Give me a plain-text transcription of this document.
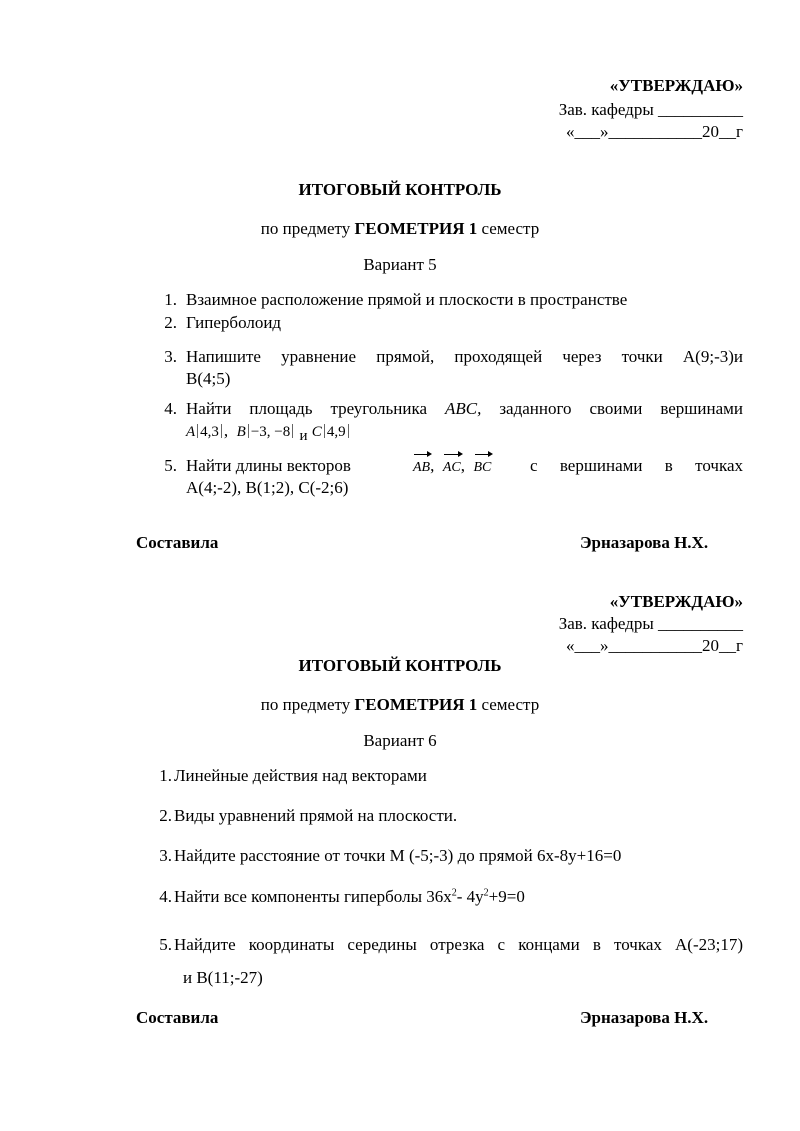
«УТВЕРЖДАЮ»
Зав. кафедры __________
«___»___________20__г
ИТОГОВЫЙ КОНТРОЛЬ
по предмету ГЕОМЕТРИЯ 1 семестр
Вариант 5
1. Взаимное расположение прямой и плоскости в пространстве
2. Гиперболоид
3. Напишите уравнение прямой, проходящей через точки А(9;-3)и
В(4;5)
4. Найти площадь треугольника ABC, заданного своими вершинами
A 4,3 ,  B −3, −8 и C 4,9
5. Найти длины векторов	AB,  AC,  BC с вершинами в точках
A(4;-2), B(1;2), C(-2;6)
Составила	Эрназарова Н.Х.
«УТВЕРЖДАЮ»
Зав. кафедры __________
«___»___________20__г
ИТОГОВЫЙ КОНТРОЛЬ
по предмету ГЕОМЕТРИЯ 1 семестр
Вариант 6
1. Линейные действия над векторами
2. Виды уравнений прямой на плоскости.
3. Найдите расстояние от точки M (-5;-3) до прямой 6x-8y+16=0
4. Найти все компоненты гиперболы $36x^2-$ $4y^2+9=0$
5. Найдите координаты середины отрезка с концами в точках А(-23;17)
и В(11;-27)
Составила	Эрназарова Н.Х.
